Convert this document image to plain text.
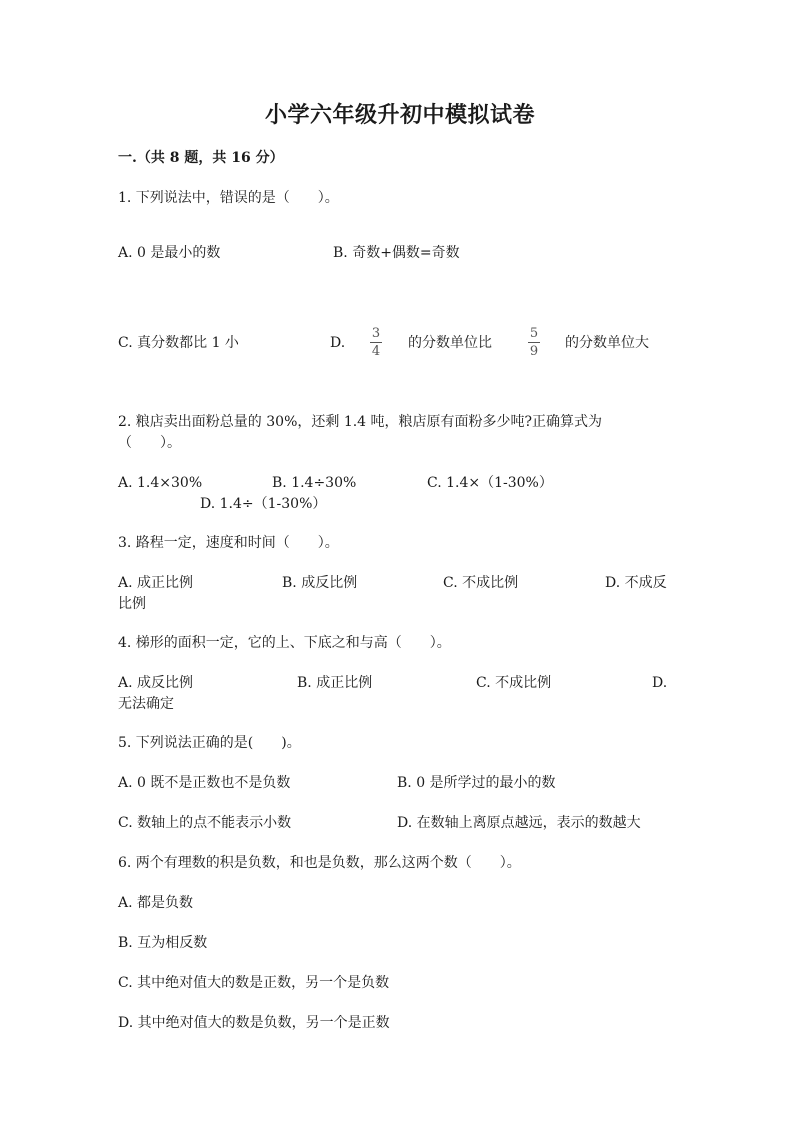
小学六年级升初中模拟试卷
一.（共 8 题，共 16 分）
1. 下列说法中，错误的是（　　）。
A. 0 是最小的数	B. 奇数+偶数=奇数
C. 真分数都比 1 小	D.
3
4
的分数单位比
5
9
的分数单位大
2. 粮店卖出面粉总量的 30%，还剩 1.4 吨，粮店原有面粉多少吨?正确算式为
（　　）。
A. 1.4×30%	B. 1.4÷30%	C. 1.4×（1-30%）
D. 1.4÷（1-30%）
3. 路程一定，速度和时间（　　）。
A. 成正比例	B. 成反比例	C. 不成比例	D. 不成反
比例
4. 梯形的面积一定，它的上、下底之和与高（　　）。
A. 成反比例	B. 成正比例	C. 不成比例	D.
无法确定
5. 下列说法正确的是(　　)。
A. 0 既不是正数也不是负数	B. 0 是所学过的最小的数
C. 数轴上的点不能表示小数	D. 在数轴上离原点越远，表示的数越大
6. 两个有理数的积是负数，和也是负数，那么这两个数（　　）。
A. 都是负数
B. 互为相反数
C. 其中绝对值大的数是正数，另一个是负数
D. 其中绝对值大的数是负数，另一个是正数
